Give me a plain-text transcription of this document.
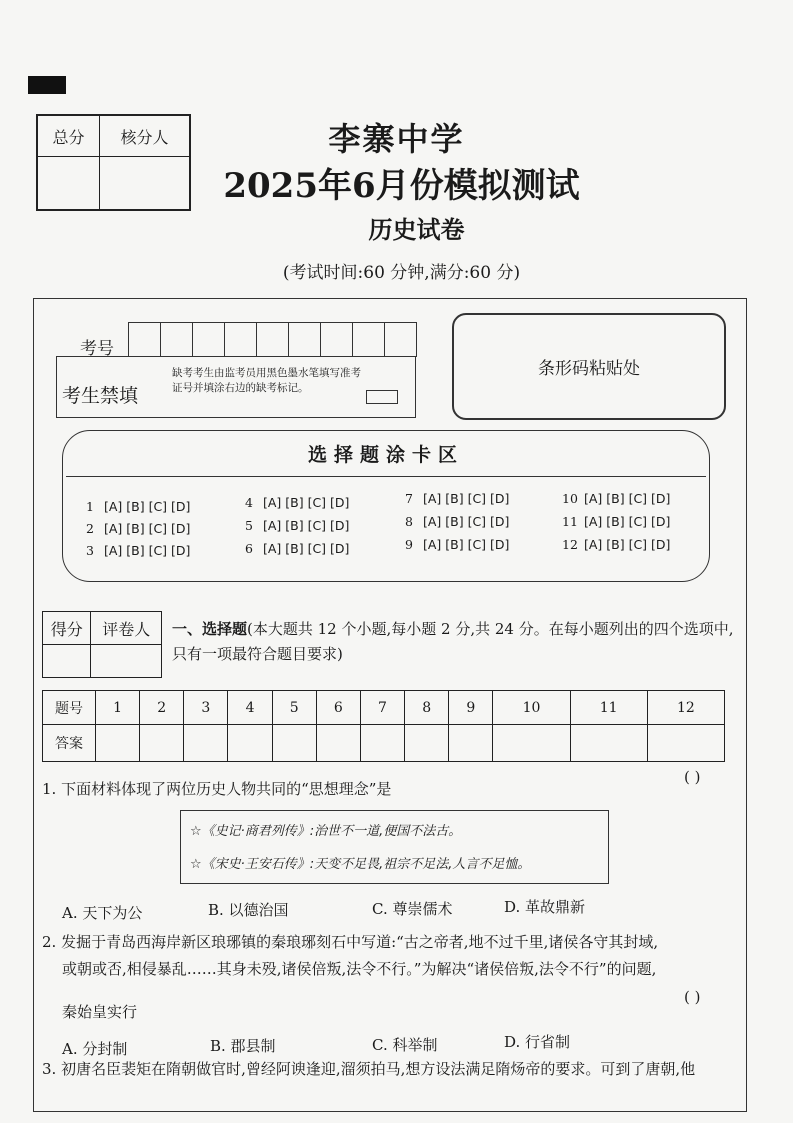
总分	核分人
		李寨中学
2025年6月份模拟测试
历史试卷
(考试时间:60 分钟,满分:60 分)
考号
考生禁填
缺考考生由监考员用黑色墨水笔填写准考证号并填涂右边的缺考标记。
条形码粘贴处
选择题涂卡区
1 [A] [B] [C] [D]
2 [A] [B] [C] [D]
3 [A] [B] [C] [D]
4 [A] [B] [C] [D]
5 [A] [B] [C] [D]
6 [A] [B] [C] [D]
7 [A] [B] [C] [D]
8 [A] [B] [C] [D]
9 [A] [B] [C] [D]
10 [A] [B] [C] [D]
11 [A] [B] [C] [D]
12 [A] [B] [C] [D]
得分	评卷人
	一、选择题(本大题共 12 个小题,每小题 2 分,共 24 分。在每小题列出的四个选项中,只有一项最符合题目要求)
题号	1	2	3	4	5	6	7	8	9	10	11	12
答案												
1. 下面材料体现了两位历史人物共同的“思想理念”是
( )
☆《史记·商君列传》:治世不一道,便国不法古。
☆《宋史·王安石传》:天变不足畏,祖宗不足法,人言不足恤。
A. 天下为公	B. 以德治国	C. 尊崇儒术	D. 革故鼎新
2. 发掘于青岛西海岸新区琅琊镇的秦琅琊刻石中写道:“古之帝者,地不过千里,诸侯各守其封域,
或朝或否,相侵暴乱……其身未殁,诸侯倍叛,法令不行。”为解决“诸侯倍叛,法令不行”的问题,
( )
秦始皇实行
A. 分封制	B. 郡县制	C. 科举制	D. 行省制
3. 初唐名臣裴矩在隋朝做官时,曾经阿谀逢迎,溜须拍马,想方设法满足隋炀帝的要求。可到了唐朝,他
